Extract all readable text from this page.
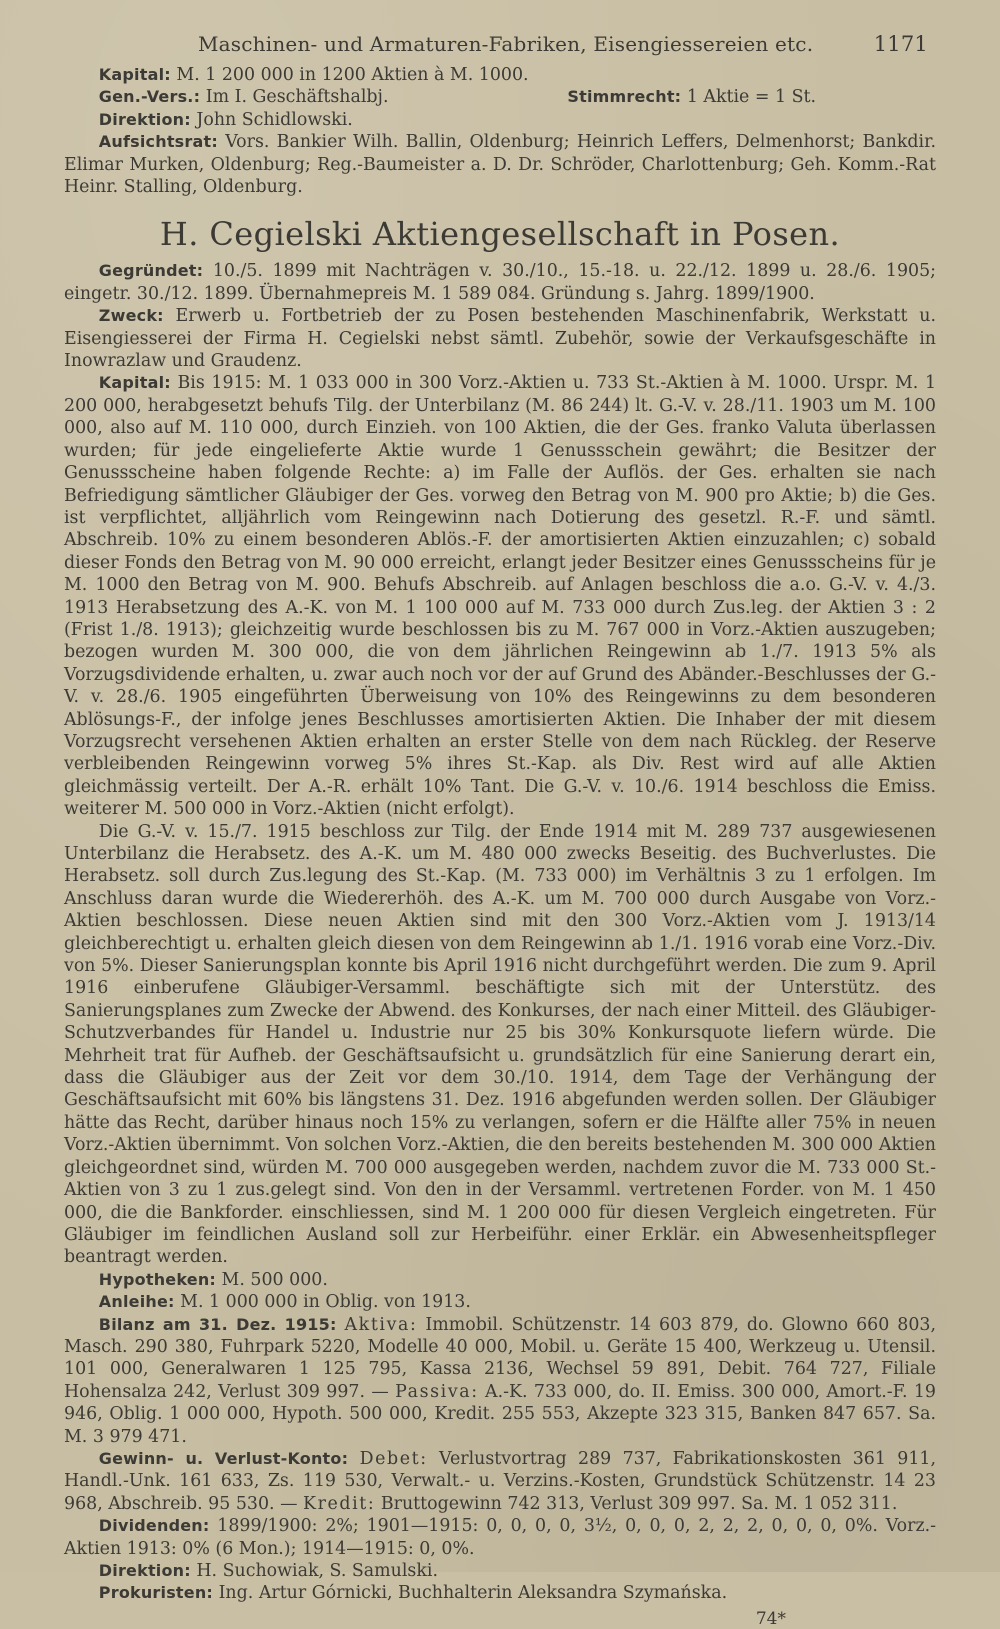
Maschinen- und Armaturen-Fabriken, Eisengiessereien etc.	1171

Kapital: M. 1 200 000 in 1200 Aktien à M. 1000.

Gen.-Vers.: Im I. Geschäftshalbj.	Stimmrecht: 1 Aktie = 1 St.

Direktion: John Schidlowski.

Aufsichtsrat: Vors. Bankier Wilh. Ballin, Oldenburg; Heinrich Leffers, Delmenhorst; Bankdir. Elimar Murken, Oldenburg; Reg.-Baumeister a. D. Dr. Schröder, Charlottenburg; Geh. Komm.-Rat Heinr. Stalling, Oldenburg.

H. Cegielski Aktiengesellschaft in Posen.

Gegründet: 10./5. 1899 mit Nachträgen v. 30./10., 15.-18. u. 22./12. 1899 u. 28./6. 1905; eingetr. 30./12. 1899. Übernahmepreis M. 1 589 084. Gründung s. Jahrg. 1899/1900.

Zweck: Erwerb u. Fortbetrieb der zu Posen bestehenden Maschinenfabrik, Werkstatt u. Eisengiesserei der Firma H. Cegielski nebst sämtl. Zubehör, sowie der Verkaufsgeschäfte in Inowrazlaw und Graudenz.

Kapital: Bis 1915: M. 1 033 000 in 300 Vorz.-Aktien u. 733 St.-Aktien à M. 1000. Urspr. M. 1 200 000, herabgesetzt behufs Tilg. der Unterbilanz (M. 86 244) lt. G.-V. v. 28./11. 1903 um M. 100 000, also auf M. 110 000, durch Einzieh. von 100 Aktien, die der Ges. franko Valuta überlassen wurden; für jede eingelieferte Aktie wurde 1 Genussschein gewährt; die Besitzer der Genussscheine haben folgende Rechte: a) im Falle der Auflös. der Ges. erhalten sie nach Befriedigung sämtlicher Gläubiger der Ges. vorweg den Betrag von M. 900 pro Aktie; b) die Ges. ist verpflichtet, alljährlich vom Reingewinn nach Dotierung des gesetzl. R.-F. und sämtl. Abschreib. 10% zu einem besonderen Ablös.-F. der amortisierten Aktien einzuzahlen; c) sobald dieser Fonds den Betrag von M. 90 000 erreicht, erlangt jeder Besitzer eines Genussscheins für je M. 1000 den Betrag von M. 900. Behufs Abschreib. auf Anlagen beschloss die a.o. G.-V. v. 4./3. 1913 Herabsetzung des A.-K. von M. 1 100 000 auf M. 733 000 durch Zus.leg. der Aktien 3 : 2 (Frist 1./8. 1913); gleichzeitig wurde beschlossen bis zu M. 767 000 in Vorz.-Aktien auszugeben; bezogen wurden M. 300 000, die von dem jährlichen Reingewinn ab 1./7. 1913 5% als Vorzugsdividende erhalten, u. zwar auch noch vor der auf Grund des Abänder.-Beschlusses der G.-V. v. 28./6. 1905 eingeführten Überweisung von 10% des Reingewinns zu dem besonderen Ablösungs-F., der infolge jenes Beschlusses amortisierten Aktien. Die Inhaber der mit diesem Vorzugsrecht versehenen Aktien erhalten an erster Stelle von dem nach Rückleg. der Reserve verbleibenden Reingewinn vorweg 5% ihres St.-Kap. als Div. Rest wird auf alle Aktien gleichmässig verteilt. Der A.-R. erhält 10% Tant. Die G.-V. v. 10./6. 1914 beschloss die Emiss. weiterer M. 500 000 in Vorz.-Aktien (nicht erfolgt).

Die G.-V. v. 15./7. 1915 beschloss zur Tilg. der Ende 1914 mit M. 289 737 ausgewiesenen Unterbilanz die Herabsetz. des A.-K. um M. 480 000 zwecks Beseitig. des Buchverlustes. Die Herabsetz. soll durch Zus.legung des St.-Kap. (M. 733 000) im Verhältnis 3 zu 1 erfolgen. Im Anschluss daran wurde die Wiedererhöh. des A.-K. um M. 700 000 durch Ausgabe von Vorz.-Aktien beschlossen. Diese neuen Aktien sind mit den 300 Vorz.-Aktien vom J. 1913/14 gleichberechtigt u. erhalten gleich diesen von dem Reingewinn ab 1./1. 1916 vorab eine Vorz.-Div. von 5%. Dieser Sanierungsplan konnte bis April 1916 nicht durchgeführt werden. Die zum 9. April 1916 einberufene Gläubiger-Versamml. beschäftigte sich mit der Unterstütz. des Sanierungsplanes zum Zwecke der Abwend. des Konkurses, der nach einer Mitteil. des Gläubiger-Schutzverbandes für Handel u. Industrie nur 25 bis 30% Konkursquote liefern würde. Die Mehrheit trat für Aufheb. der Geschäftsaufsicht u. grundsätzlich für eine Sanierung derart ein, dass die Gläubiger aus der Zeit vor dem 30./10. 1914, dem Tage der Verhängung der Geschäftsaufsicht mit 60% bis längstens 31. Dez. 1916 abgefunden werden sollen. Der Gläubiger hätte das Recht, darüber hinaus noch 15% zu verlangen, sofern er die Hälfte aller 75% in neuen Vorz.-Aktien übernimmt. Von solchen Vorz.-Aktien, die den bereits bestehenden M. 300 000 Aktien gleichgeordnet sind, würden M. 700 000 ausgegeben werden, nachdem zuvor die M. 733 000 St.-Aktien von 3 zu 1 zus.gelegt sind. Von den in der Versamml. vertretenen Forder. von M. 1 450 000, die die Bankforder. einschliessen, sind M. 1 200 000 für diesen Vergleich eingetreten. Für Gläubiger im feindlichen Ausland soll zur Herbeiführ. einer Erklär. ein Abwesenheitspfleger beantragt werden.

Hypotheken: M. 500 000.

Anleihe: M. 1 000 000 in Oblig. von 1913.

Bilanz am 31. Dez. 1915: Aktiva: Immobil. Schützenstr. 14 603 879, do. Glowno 660 803, Masch. 290 380, Fuhrpark 5220, Modelle 40 000, Mobil. u. Geräte 15 400, Werkzeug u. Utensil. 101 000, Generalwaren 1 125 795, Kassa 2136, Wechsel 59 891, Debit. 764 727, Filiale Hohensalza 242, Verlust 309 997. — Passiva: A.-K. 733 000, do. II. Emiss. 300 000, Amort.-F. 19 946, Oblig. 1 000 000, Hypoth. 500 000, Kredit. 255 553, Akzepte 323 315, Banken 847 657. Sa. M. 3 979 471.

Gewinn- u. Verlust-Konto: Debet: Verlustvortrag 289 737, Fabrikationskosten 361 911, Handl.-Unk. 161 633, Zs. 119 530, Verwalt.- u. Verzins.-Kosten, Grundstück Schützenstr. 14 23 968, Abschreib. 95 530. — Kredit: Bruttogewinn 742 313, Verlust 309 997. Sa. M. 1 052 311.

Dividenden: 1899/1900: 2%; 1901—1915: 0, 0, 0, 0, 3½, 0, 0, 0, 2, 2, 2, 0, 0, 0, 0%. Vorz.-Aktien 1913: 0% (6 Mon.); 1914—1915: 0, 0%.

Direktion: H. Suchowiak, S. Samulski.

Prokuristen: Ing. Artur Górnicki, Buchhalterin Aleksandra Szymańska.

74*
